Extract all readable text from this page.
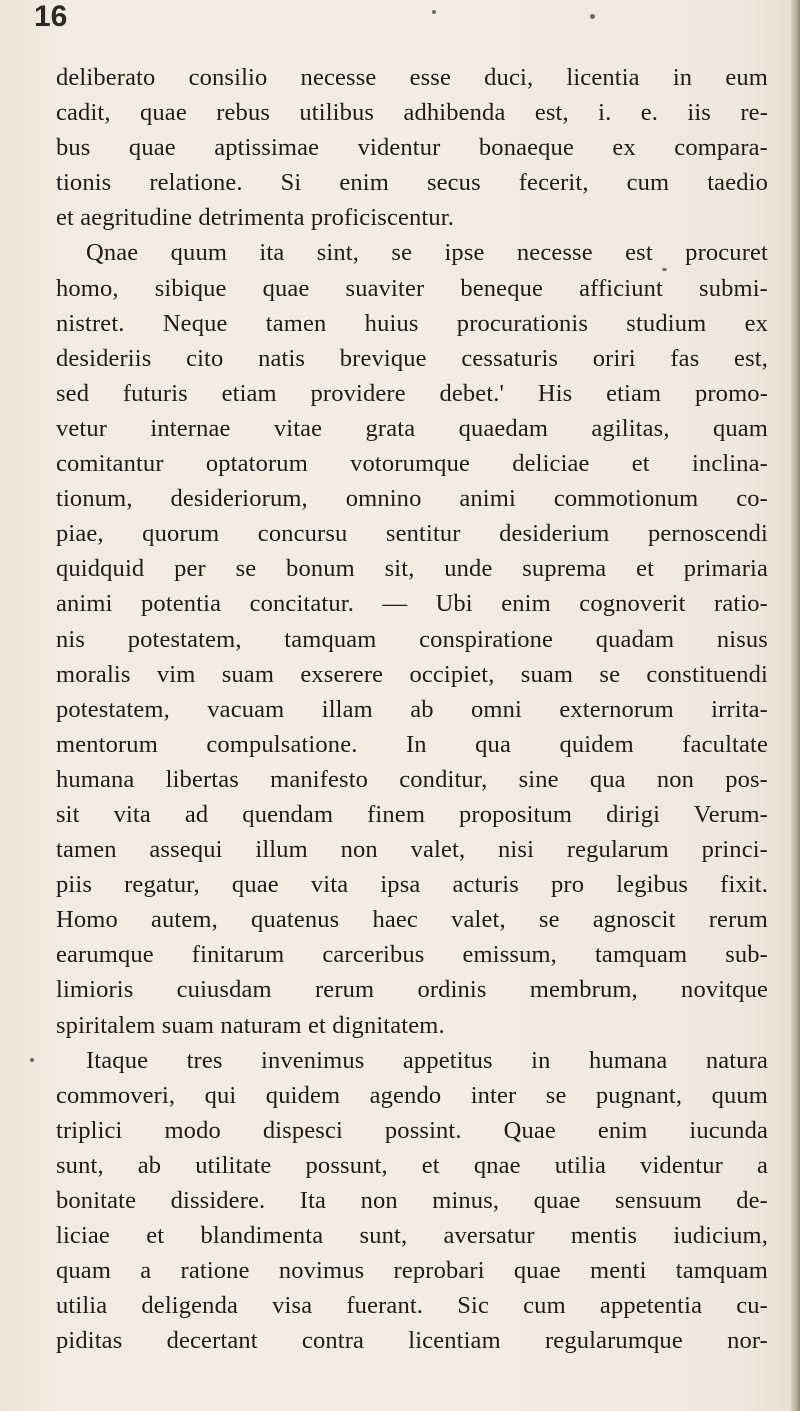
16
deliberato consilio necesse esse duci, licentia in eum
cadit, quae rebus utilibus adhibenda est, i. e. iis re-
bus quae aptissimae videntur bonaeque ex compara-
tionis relatione. Si enim secus fecerit, cum taedio
et aegritudine detrimenta proficiscentur.
Qnae quum ita sint, se ipse necesse est procuret
homo, sibique quae suaviter beneque afficiunt submi-
nistret. Neque tamen huius procurationis studium ex
desideriis cito natis brevique cessaturis oriri fas est,
sed futuris etiam providere debet.' His etiam promo-
vetur internae vitae grata quaedam agilitas, quam
comitantur optatorum votorumque deliciae et inclina-
tionum, desideriorum, omnino animi commotionum co-
piae, quorum concursu sentitur desiderium pernoscendi
quidquid per se bonum sit, unde suprema et primaria
animi potentia concitatur. — Ubi enim cognoverit ratio-
nis potestatem, tamquam conspiratione quadam nisus
moralis vim suam exserere occipiet, suam se constituendi
potestatem, vacuam illam ab omni externorum irrita-
mentorum compulsatione. In qua quidem facultate
humana libertas manifesto conditur, sine qua non pos-
sit vita ad quendam finem propositum dirigi Verum-
tamen assequi illum non valet, nisi regularum princi-
piis regatur, quae vita ipsa acturis pro legibus fixit.
Homo autem, quatenus haec valet, se agnoscit rerum
earumque finitarum carceribus emissum, tamquam sub-
limioris cuiusdam rerum ordinis membrum, novitque
spiritalem suam naturam et dignitatem.
Itaque tres invenimus appetitus in humana natura
commoveri, qui quidem agendo inter se pugnant, quum
triplici modo dispesci possint. Quae enim iucunda
sunt, ab utilitate possunt, et qnae utilia videntur a
bonitate dissidere. Ita non minus, quae sensuum de-
liciae et blandimenta sunt, aversatur mentis iudicium,
quam a ratione novimus reprobari quae menti tamquam
utilia deligenda visa fuerant. Sic cum appetentia cu-
piditas decertant contra licentiam regularumque nor-
